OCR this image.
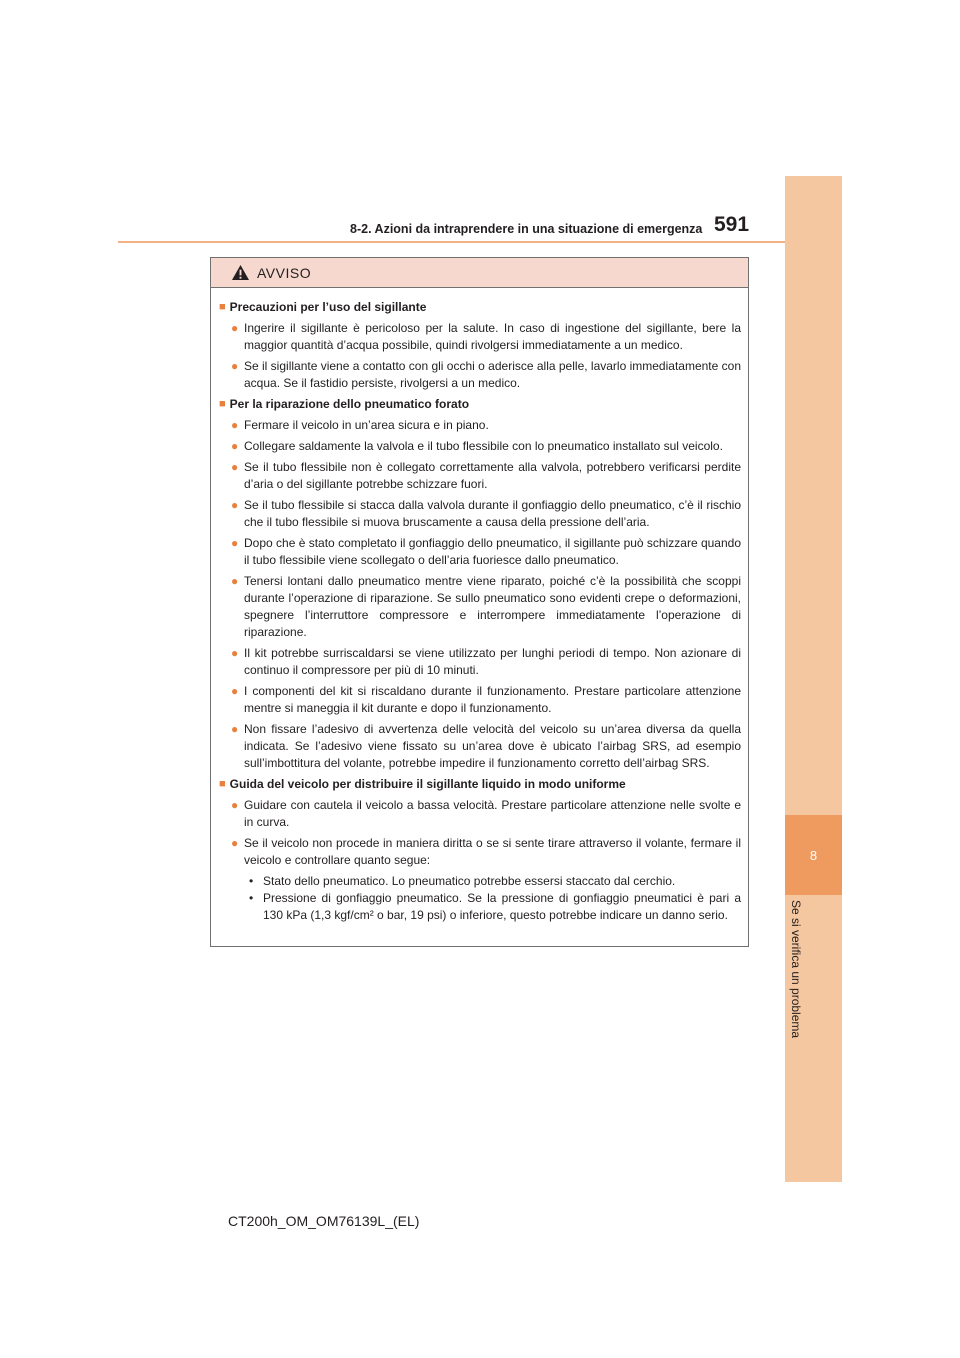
8
Se si verifica un problema
8-2. Azioni da intraprendere in una situazione di emergenza 591
AVVISO
■ Precauzioni per l’uso del sigillante
● Ingerire il sigillante è pericoloso per la salute. In caso di ingestione del sigillante, bere la maggior quantità d’acqua possibile, quindi rivolgersi immediatamente a un medico.
● Se il sigillante viene a contatto con gli occhi o aderisce alla pelle, lavarlo immediatamente con acqua. Se il fastidio persiste, rivolgersi a un medico.
■ Per la riparazione dello pneumatico forato
● Fermare il veicolo in un’area sicura e in piano.
● Collegare saldamente la valvola e il tubo flessibile con lo pneumatico installato sul veicolo.
● Se il tubo flessibile non è collegato correttamente alla valvola, potrebbero verificarsi perdite d’aria o del sigillante potrebbe schizzare fuori.
● Se il tubo flessibile si stacca dalla valvola durante il gonfiaggio dello pneumatico, c’è il rischio che il tubo flessibile si muova bruscamente a causa della pressione dell’aria.
● Dopo che è stato completato il gonfiaggio dello pneumatico, il sigillante può schizzare quando il tubo flessibile viene scollegato o dell’aria fuoriesce dallo pneumatico.
● Tenersi lontani dallo pneumatico mentre viene riparato, poiché c’è la possibilità che scoppi durante l’operazione di riparazione. Se sullo pneumatico sono evidenti crepe o deformazioni, spegnere l’interruttore compressore e interrompere immediatamente l’operazione di riparazione.
● Il kit potrebbe surriscaldarsi se viene utilizzato per lunghi periodi di tempo. Non azionare di continuo il compressore per più di 10 minuti.
● I componenti del kit si riscaldano durante il funzionamento. Prestare particolare attenzione mentre si maneggia il kit durante e dopo il funzionamento.
● Non fissare l’adesivo di avvertenza delle velocità del veicolo su un’area diversa da quella indicata. Se l’adesivo viene fissato su un’area dove è ubicato l’airbag SRS, ad esempio sull’imbottitura del volante, potrebbe impedire il funzionamento corretto dell’airbag SRS.
■ Guida del veicolo per distribuire il sigillante liquido in modo uniforme
● Guidare con cautela il veicolo a bassa velocità. Prestare particolare attenzione nelle svolte e in curva.
● Se il veicolo non procede in maniera diritta o se si sente tirare attraverso il volante, fermare il veicolo e controllare quanto segue:
• Stato dello pneumatico. Lo pneumatico potrebbe essersi staccato dal cerchio.
• Pressione di gonfiaggio pneumatico. Se la pressione di gonfiaggio pneumatici è pari a 130 kPa (1,3 kgf/cm² o bar, 19 psi) o inferiore, questo potrebbe indicare un danno serio.
CT200h_OM_OM76139L_(EL)
